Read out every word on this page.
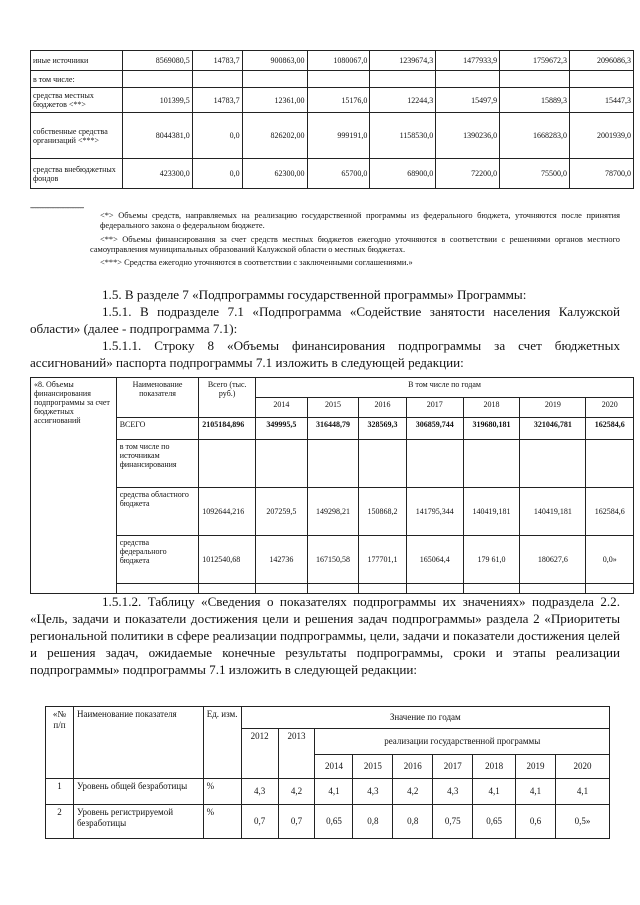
иные источники	8569080,5	14783,7	900863,00	1080067,0	1239674,3	1477933,9	1759672,3	2096086,3
в том числе:								
средства местных бюджетов <**>	101399,5	14783,7	12361,00	15176,0	12244,3	15497,9	15889,3	15447,3
собственные средства организаций <***>	8044381,0	0,0	826202,00	999191,0	1158530,0	1390236,0	1668283,0	2001939,0
средства внебюджетных фондов	423300,0	0,0	62300,00	65700,0	68900,0	72200,0	75500,0	78700,0
--------------------------------
<*> Объемы средств, направляемых на реализацию государственной программы из федерального бюджета, уточняются после принятия федерального закона о федеральном бюджете.
<**> Объемы финансирования за счет средств местных бюджетов ежегодно уточняются в соответствии с решениями органов местного самоуправления муниципальных образований Калужской области о местных бюджетах.
<***> Средства ежегодно уточняются в соответствии с заключенными соглашениями.»
1.5. В разделе 7 «Подпрограммы государственной программы» Программы:
1.5.1. В подразделе 7.1 «Подпрограмма «Содействие занятости населения Калужской области» (далее - подпрограмма 7.1):
1.5.1.1. Строку 8 «Объемы финансирования подпрограммы за счет бюджетных ассигнований» паспорта подпрограммы 7.1 изложить в следующей редакции:
«8. Объемы финансирования подпрограммы за счет бюджетных ассигнований	Наименование показателя	Всего (тыс. руб.)	В том числе по годам						
			2014	2015	2016	2017	2018	2019	2020
	ВСЕГО	2105184,896	349995,5	316448,79	328569,3	306859,744	319680,181	321046,781	162584,6
	в том числе по источникам финансирования								
	средства областного бюджета	1092644,216	207259,5	149298,21	150868,2	141795,344	140419,181	140419,181	162584,6
	средства федерального бюджета	1012540,68	142736	167150,58	177701,1	165064,4	179 61,0	180627,6	0,0»

1.5.1.2. Таблицу «Сведения о показателях подпрограммы их значениях» подраздела 2.2. «Цель, задачи и показатели достижения цели и решения задач подпрограммы» раздела 2 «Приоритеты региональной политики в сфере реализации подпрограммы, цели, задачи и показатели достижения целей и решения задач, ожидаемые конечные результаты подпрограммы, сроки и этапы реализации подпрограммы» подпрограммы 7.1 изложить в следующей редакции:
«№ п/п	Наименование показателя	Ед. изм.	Значение по годам								
			2012	2013	реализации государственной программы						
					2014	2015	2016	2017	2018	2019	2020
1	Уровень общей безработицы	%	4,3	4,2	4,1	4,3	4,2	4,3	4,1	4,1	4,1
2	Уровень регистрируемой безработицы	%	0,7	0,7	0,65	0,8	0,8	0,75	0,65	0,6	0,5»
